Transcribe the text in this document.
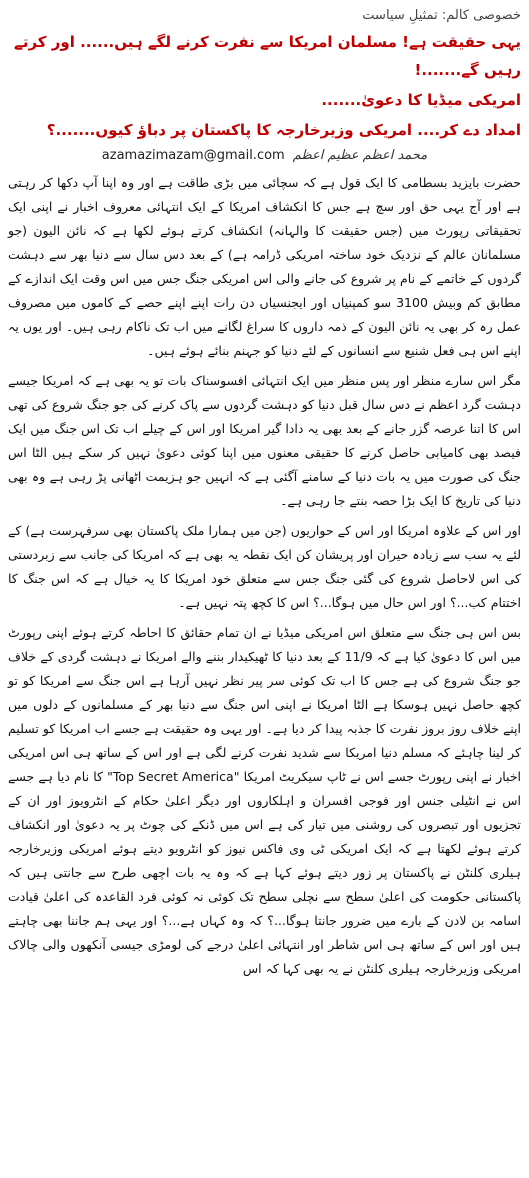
خصوصی کالم: تمثیلِ سیاست
یہی حقیقت ہے! مسلمان امریکا سے نفرت کرنے لگے ہیں...... اور کرتے رہیں گے.......!
امریکی میڈیا کا دعویٰ.......
امداد دے کر.... امریکی وزیرخارجہ کا پاکستان پر دباؤ کیوں.......؟
azamazimazam@gmail.com محمد اعظم عظیم اعظم

حضرت بایزید بسطامی کا ایک قول ہے کہ سچائی میں بڑی طاقت ہے اور وہ اپنا آپ دکھا کر رہتی ہے اور آج یہی حق اور سچ ہے جس کا انکشاف امریکا کے ایک انتہائی معروف اخبار نے اپنی ایک تحقیقاتی رپورٹ میں (جس حقیقت کا والہانہ) انکشاف کرتے ہوئے لکھا ہے کہ نائن الیون (جو مسلمانان عالم کے نزدیک خود ساختہ امریکی ڈرامہ ہے) کے بعد دس سال سے دنیا بھر سے دہشت گردوں کے خاتمے کے نام پر شروع کی جانے والی اس امریکی جنگ جس میں اس وقت ایک اندازے کے مطابق کم وبیش 3100 سو کمپنیاں اور ایجنسیاں دن رات اپنے اپنے حصے کے کاموں میں مصروف عمل رہ کر بھی یہ نائن الیون کے ذمہ داروں کا سراغ لگانے میں اب تک ناکام رہی ہیں۔ اور یوں یہ اپنے اس ہی فعل شنیع سے انسانوں کے لئے دنیا کو جہنم بنائے ہوئے ہیں۔

مگر اس سارے منظر اور پس منظر میں ایک انتہائی افسوسناک بات تو یہ بھی ہے کہ امریکا جیسے دہشت گرد اعظم نے دس سال قبل دنیا کو دہشت گردوں سے پاک کرنے کی جو جنگ شروع کی تھی اس کا اتنا عرصہ گزر جانے کے بعد بھی یہ دادا گیر امریکا اور اس کے چیلے اب تک اس جنگ میں ایک فیصد بھی کامیابی حاصل کرنے کا حقیقی معنوں میں اپنا کوئی دعویٰ نہیں کر سکے ہیں الٹا اس جنگ کی صورت میں یہ بات دنیا کے سامنے آگئی ہے کہ انہیں جو ہزیمت اٹھانی پڑ رہی ہے وہ بھی دنیا کی تاریخ کا ایک بڑا حصہ بنتے جا رہی ہے۔

اور اس کے علاوہ امریکا اور اس کے حواریوں (جن میں ہمارا ملک پاکستان بھی سرفہرست ہے) کے لئے یہ سب سے زیادہ حیران اور پریشان کن ایک نقطہ یہ بھی ہے کہ امریکا کی جانب سے زبردستی کی اس لاحاصل شروع کی گئی جنگ جس سے متعلق خود امریکا کا یہ خیال ہے کہ اس جنگ کا اختتام کب...؟ اور اس حال میں ہوگا...؟ اس کا کچھ پتہ نہیں ہے۔

بس اس ہی جنگ سے متعلق اس امریکی میڈیا نے ان تمام حقائق کا احاطہ کرتے ہوئے اپنی رپورٹ میں اس کا دعویٰ کیا ہے کہ 11/9 کے بعد دنیا کا ٹھیکیدار بننے والے امریکا نے دہشت گردی کے خلاف جو جنگ شروع کی ہے جس کا اب تک کوئی سر پیر نظر نہیں آرہا ہے اس جنگ سے امریکا کو تو کچھ حاصل نہیں ہوسکا ہے الٹا امریکا نے اپنی اس جنگ سے دنیا بھر کے مسلمانوں کے دلوں میں اپنے خلاف روز بروز نفرت کا جذبہ پیدا کر دیا ہے۔ اور یہی وہ حقیقت ہے جسے اب امریکا کو تسلیم کر لینا چاہئے کہ مسلم دنیا امریکا سے شدید نفرت کرنے لگی ہے اور اس کے ساتھ ہی اس امریکی اخبار نے اپنی رپورٹ جسے اس نے ٹاپ سیکریٹ امریکا "Top Secret America" کا نام دیا ہے جسے اس نے انٹیلی جنس اور فوجی افسران و اہلکاروں اور دیگر اعلیٰ حکام کے انٹرویوز اور ان کے تجزیوں اور تبصروں کی روشنی میں تیار کی ہے اس میں ڈنکے کی چوٹ پر یہ دعویٰ اور انکشاف کرتے ہوئے لکھتا ہے کہ ایک امریکی ٹی وی فاکس نیوز کو انٹرویو دیتے ہوئے امریکی وزیرخارجہ ہیلری کلنٹن نے پاکستان پر زور دیتے ہوئے کہا ہے کہ وہ یہ بات اچھی طرح سے جانتی ہیں کہ پاکستانی حکومت کی اعلیٰ سطح سے نچلی سطح تک کوئی نہ کوئی فرد القاعدہ کی اعلیٰ قیادت اسامہ بن لادن کے بارے میں ضرور جانتا ہوگا...؟ کہ وہ کہاں ہے...؟ اور یہی ہم جاننا بھی چاہتے ہیں اور اس کے ساتھ ہی اس شاطر اور انتہائی اعلیٰ درجے کی لومڑی جیسی آنکھوں والی چالاک امریکی وزیرخارجہ ہیلری کلنٹن نے یہ بھی کہا کہ اس
